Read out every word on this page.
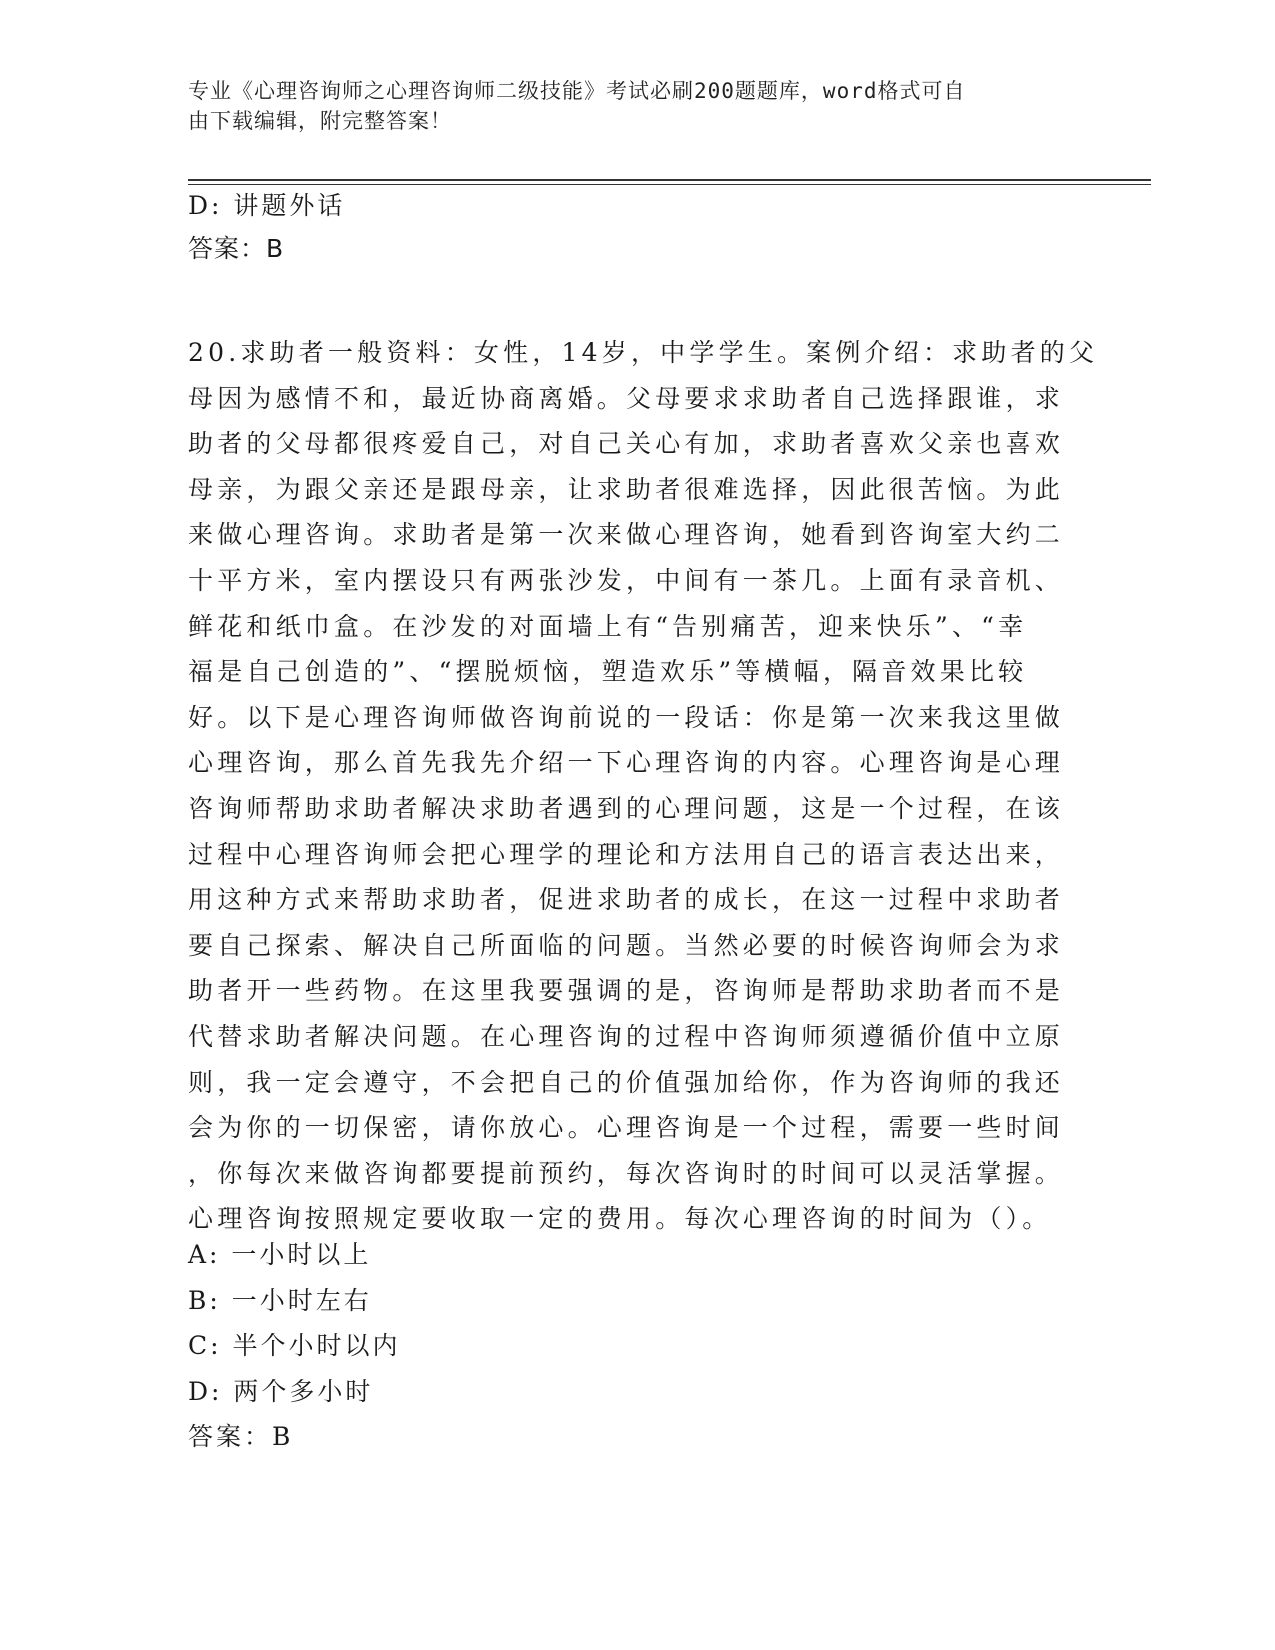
专业《心理咨询师之心理咨询师二级技能》考试必刷200题题库，word格式可自
由下载编辑，附完整答案！
D: 讲题外话
答案：B
20.求助者一般资料：女性，14岁，中学学生。案例介绍：求助者的父
母因为感情不和，最近协商离婚。父母要求求助者自己选择跟谁，求
助者的父母都很疼爱自己，对自己关心有加，求助者喜欢父亲也喜欢
母亲，为跟父亲还是跟母亲，让求助者很难选择，因此很苦恼。为此
来做心理咨询。求助者是第一次来做心理咨询，她看到咨询室大约二
十平方米，室内摆设只有两张沙发，中间有一茶几。上面有录音机、
鲜花和纸巾盒。在沙发的对面墙上有“告别痛苦，迎来快乐”、“幸
福是自己创造的”、“摆脱烦恼，塑造欢乐”等横幅，隔音效果比较
好。以下是心理咨询师做咨询前说的一段话：你是第一次来我这里做
心理咨询，那么首先我先介绍一下心理咨询的内容。心理咨询是心理
咨询师帮助求助者解决求助者遇到的心理问题，这是一个过程，在该
过程中心理咨询师会把心理学的理论和方法用自己的语言表达出来，
用这种方式来帮助求助者，促进求助者的成长，在这一过程中求助者
要自己探索、解决自己所面临的问题。当然必要的时候咨询师会为求
助者开一些药物。在这里我要强调的是，咨询师是帮助求助者而不是
代替求助者解决问题。在心理咨询的过程中咨询师须遵循价值中立原
则，我一定会遵守，不会把自己的价值强加给你，作为咨询师的我还
会为你的一切保密，请你放心。心理咨询是一个过程，需要一些时间
，你每次来做咨询都要提前预约，每次咨询时的时间可以灵活掌握。
心理咨询按照规定要收取一定的费用。每次心理咨询的时间为（）。
A: 一小时以上
B: 一小时左右
C: 半个小时以内
D: 两个多小时
答案：B
